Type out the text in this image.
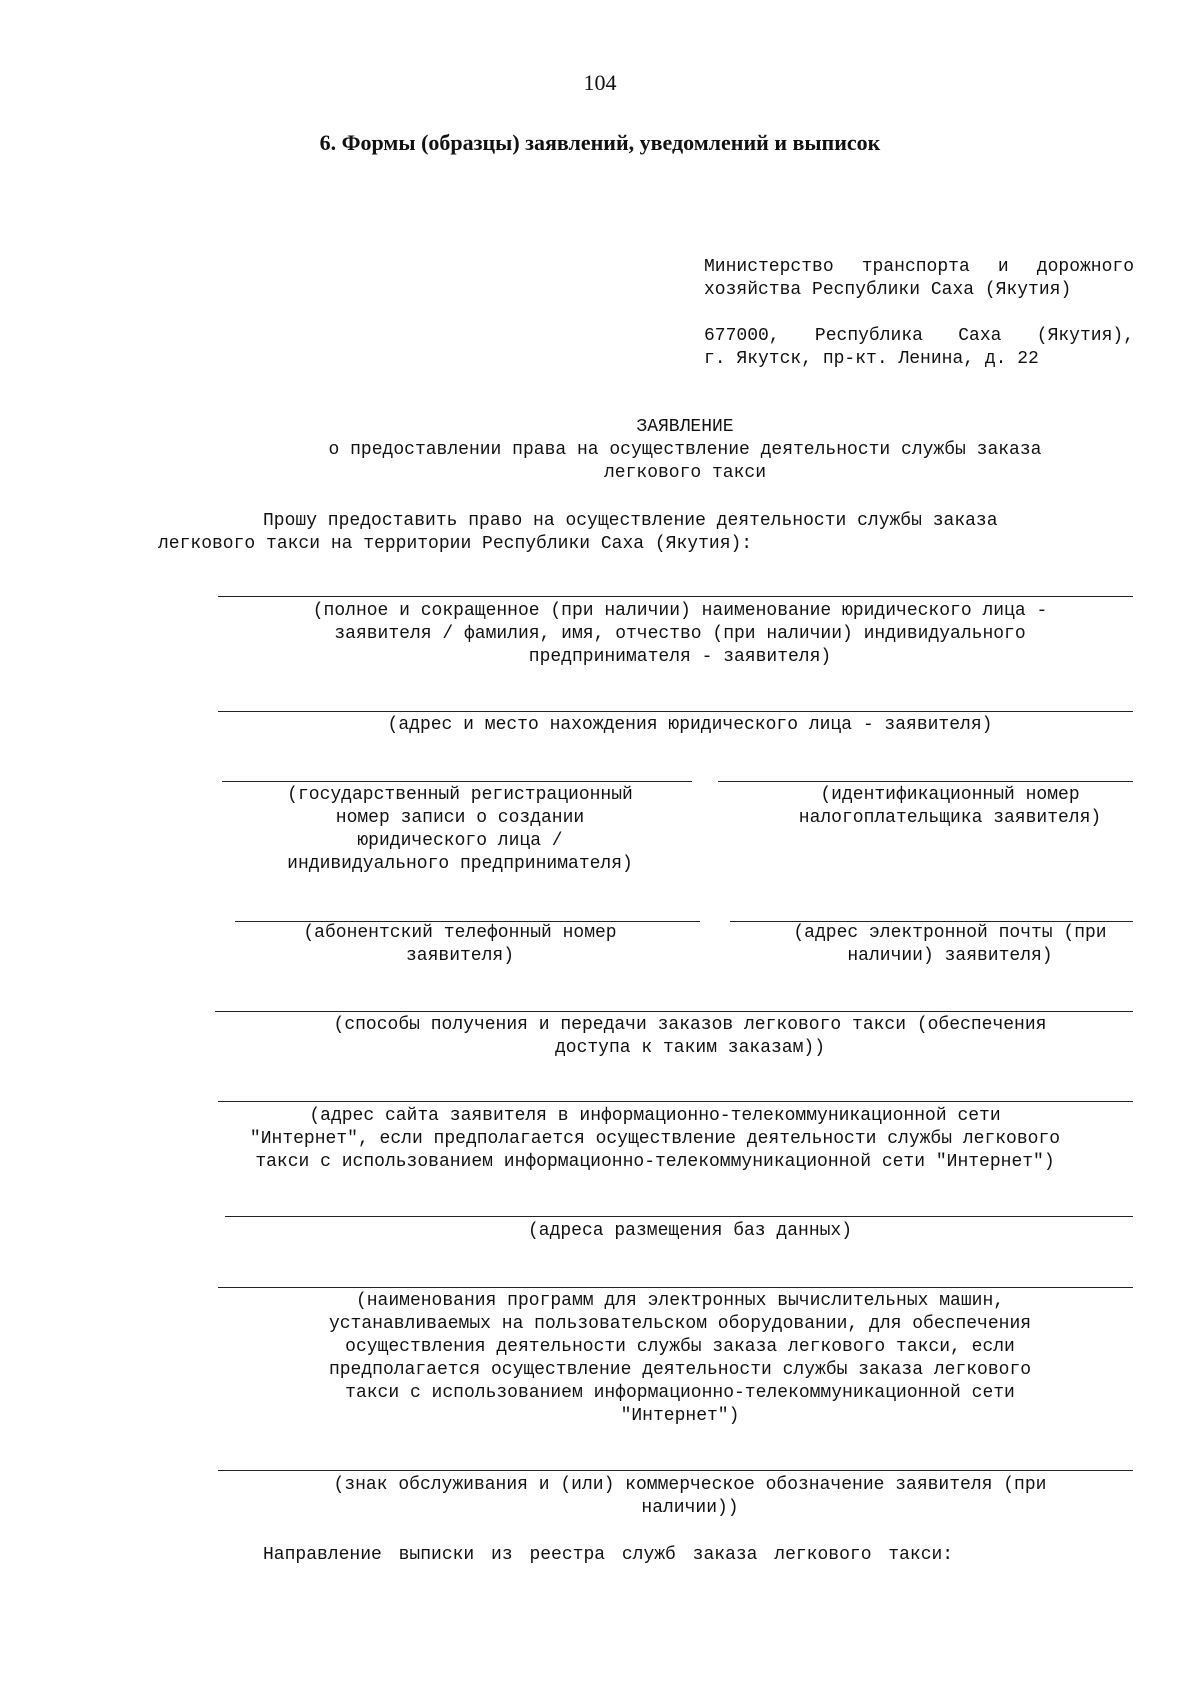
104
6. Формы (образцы) заявлений, уведомлений и выписок
Министерство транспорта и дорожного
хозяйства Республики Саха (Якутия)
677000, Республика Саха (Якутия),
г. Якутск, пр-кт. Ленина, д. 22
ЗАЯВЛЕНИЕ
о предоставлении права на осуществление деятельности службы заказа
легкового такси
Прошу предоставить право на осуществление деятельности службы заказа
легкового такси на территории Республики Саха (Якутия):
(полное и сокращенное (при наличии) наименование юридического лица -
заявителя / фамилия, имя, отчество (при наличии) индивидуального
предпринимателя - заявителя)
(адрес и место нахождения юридического лица - заявителя)
(государственный регистрационный
номер записи о создании
юридического лица /
индивидуального предпринимателя)
(идентификационный номер
налогоплательщика заявителя)
(абонентский телефонный номер
заявителя)
(адрес электронной почты (при
наличии) заявителя)
(способы получения и передачи заказов легкового такси (обеспечения
доступа к таким заказам))
(адрес сайта заявителя в информационно-телекоммуникационной сети
"Интернет", если предполагается осуществление деятельности службы легкового
такси с использованием информационно-телекоммуникационной сети "Интернет")
(адреса размещения баз данных)
(наименования программ для электронных вычислительных машин,
устанавливаемых на пользовательском оборудовании, для обеспечения
осуществления деятельности службы заказа легкового такси, если
предполагается осуществление деятельности службы заказа легкового
такси с использованием информационно-телекоммуникационной сети
"Интернет")
(знак обслуживания и (или) коммерческое обозначение заявителя (при
наличии))
Направление выписки из реестра служб заказа легкового такси:
